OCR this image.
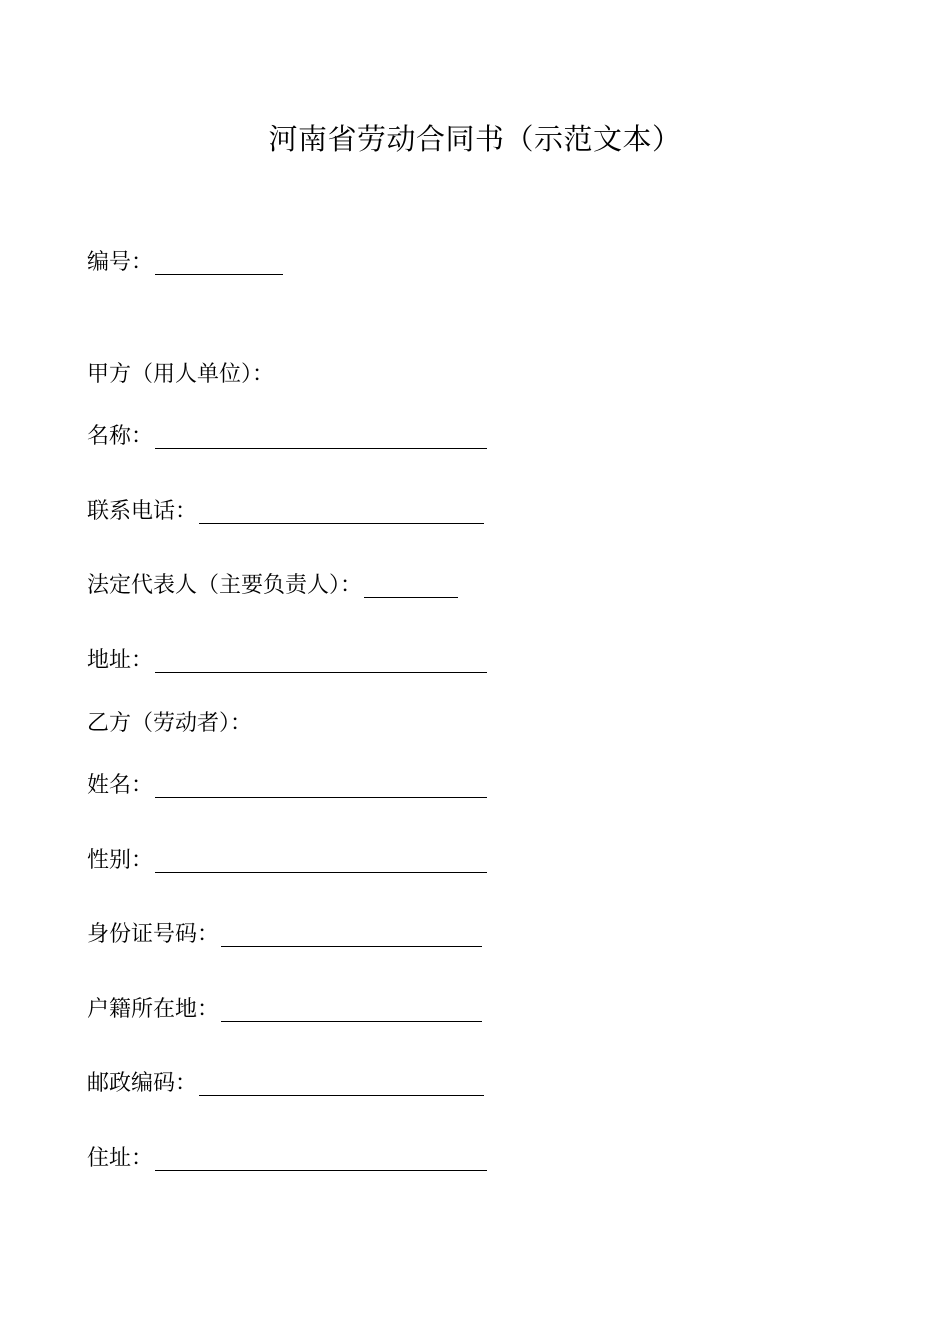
河南省劳动合同书（示范文本）
编号：
甲方（用人单位）：
名称：
联系电话：
法定代表人（主要负责人）：
地址：
乙方（劳动者）：
姓名：
性别：
身份证号码：
户籍所在地：
邮政编码：
住址：
